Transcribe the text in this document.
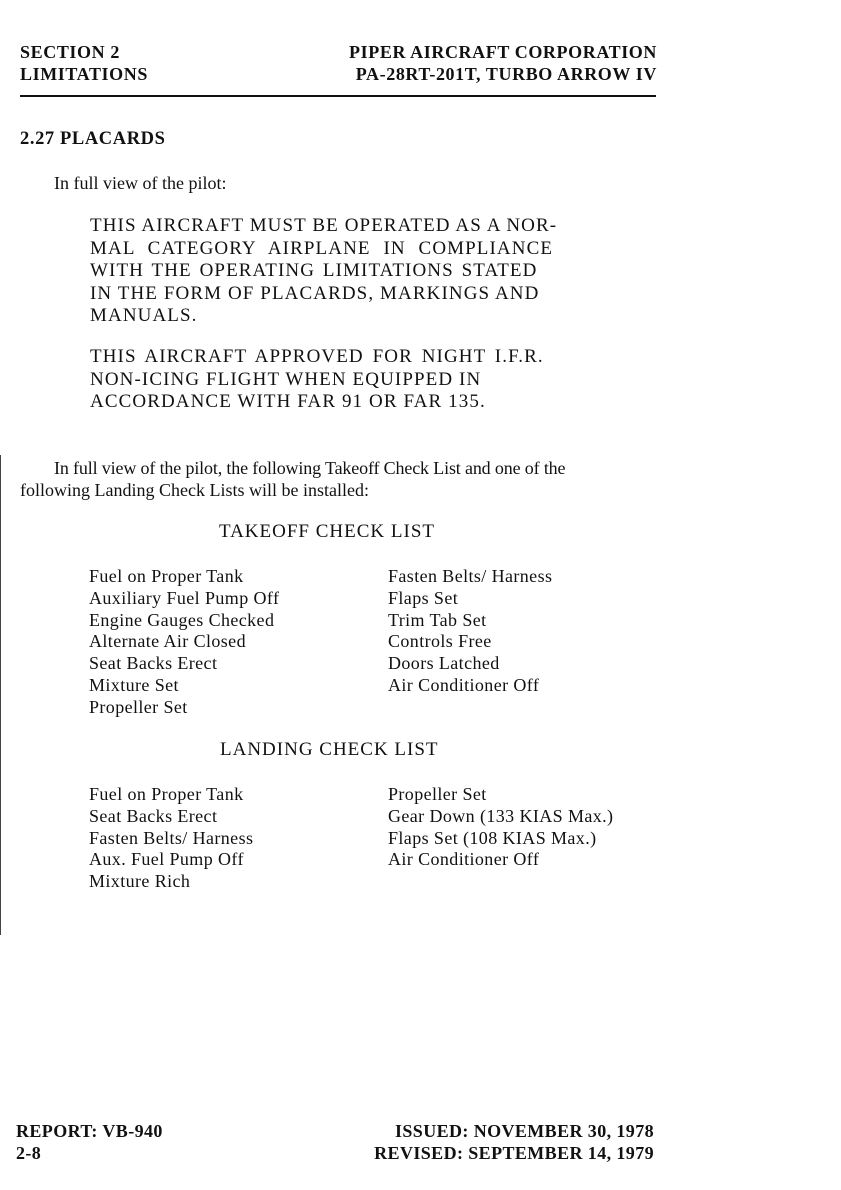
SECTION 2
LIMITATIONS
PIPER AIRCRAFT CORPORATION
PA-28RT-201T, TURBO ARROW IV
2.27 PLACARDS
In full view of the pilot:
THIS AIRCRAFT MUST BE OPERATED AS A NOR-
MAL CATEGORY AIRPLANE IN COMPLIANCE
WITH THE OPERATING LIMITATIONS STATED
IN THE FORM OF PLACARDS, MARKINGS AND
MANUALS.
THIS AIRCRAFT APPROVED FOR NIGHT I.F.R.
NON-ICING FLIGHT WHEN EQUIPPED IN
ACCORDANCE WITH FAR 91 OR FAR 135.
In full view of the pilot, the following Takeoff Check List and one of the
following Landing Check Lists will be installed:
TAKEOFF CHECK LIST
Fuel on Proper Tank
Auxiliary Fuel Pump Off
Engine Gauges Checked
Alternate Air Closed
Seat Backs Erect
Mixture Set
Propeller Set
Fasten Belts/ Harness
Flaps Set
Trim Tab Set
Controls Free
Doors Latched
Air Conditioner Off
LANDING CHECK LIST
Fuel on Proper Tank
Seat Backs Erect
Fasten Belts/ Harness
Aux. Fuel Pump Off
Mixture Rich
Propeller Set
Gear Down (133 KIAS Max.)
Flaps Set (108 KIAS Max.)
Air Conditioner Off
REPORT: VB-940
2-8
ISSUED: NOVEMBER 30, 1978
REVISED: SEPTEMBER 14, 1979
